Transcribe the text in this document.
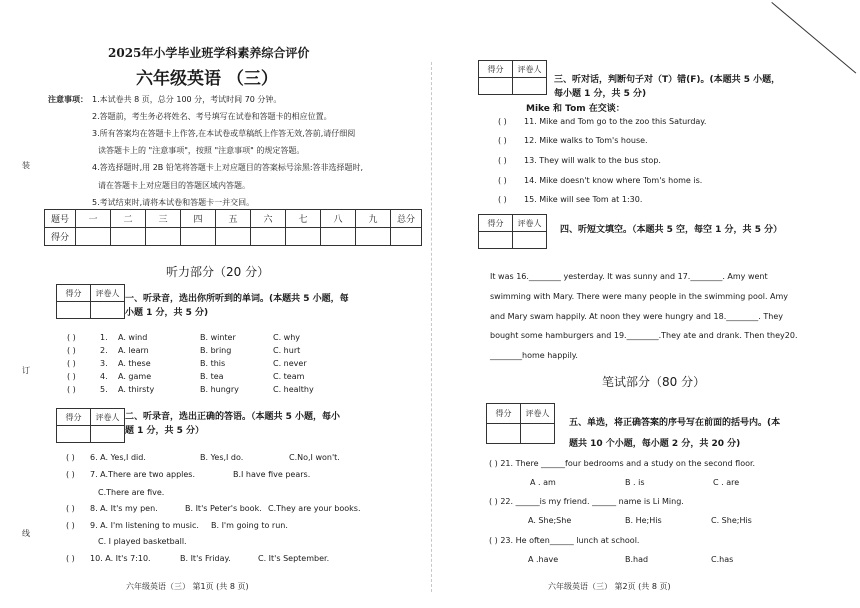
装
订
线
2025年小学毕业班学科素养综合评价
六年级英语 （三）
注意事项： 1.本试卷共 8 页，总分 100 分，考试时间 70 分钟。
2.答题前，考生务必将姓名、考号填写在试卷和答题卡的相应位置。
3.所有答案均在答题卡上作答,在本试卷或草稿纸上作答无效,答前,请仔细阅
读答题卡上的 "注意事项"，按照 "注意事项" 的规定答题。
4.答选择题时,用 2B 铅笔将答题卡上对应题目的答案标号涂黑:答非选择题时,
请在答题卡上对应题目的答题区域内答题。
5.考试结束时,请将本试卷和答题卡一并交回。
题号	一	二	三	四	五	六	七	八	九	总分
得分										
听力部分（20 分）
得分	评卷人

一、听录音，选出你所听到的单词。(本题共 5 小题，每
小题 1 分，共 5 分)
( )	1. A. wind	B. winter	C. why
( )	2. A. learn	B. bring	C. hurt
( )	3. A. these	B. this	C. never
( )	4. A. game	B. tea	C. team
( )	5. A. thirsty	B. hungry	C. healthy
得分	评卷人
	二、听录音，选出正确的答语。（本题共 5 小题，每小
题 1 分，共 5 分）
( ) 6. A. Yes,I did.	B. Yes,I do.	C.No,I won't.
( ) 7. A.There are two apples.	B.I have five pears.
C.There are five.
( ) 8. A. It's my pen.	B. It's Peter's book. C.They are your books.
( ) 9. A. I'm listening to music. B. I'm going to run.
C. I played basketball.
( ) 10. A. It's 7:10.	B. It's Friday.	C. It's September.
六年级英语（三） 第1页 (共 8 页)
得分	评卷人

三、听对话，判断句子对（T）错(F)。(本题共 5 小题，
每小题 1 分，共 5 分)
Mike 和 Tom 在交谈：
( ) 11. Mike and Tom go to the zoo this Saturday.
( ) 12. Mike walks to Tom's house.
( ) 13. They will walk to the bus stop.
( ) 14. Mike doesn't know where Tom's home is.
( ) 15. Mike will see Tom at 1:30.
得分	评卷人

四、听短文填空。（本题共 5 空，每空 1 分，共 5 分）
It was 16.________ yesterday. It was sunny and 17.________. Amy went
swimming with Mary. There were many people in the swimming pool. Amy
and Mary swam happily. At noon they were hungry and 18.________. They
bought some hamburgers and 19.________.They ate and drank. Then they20.
________home happily.
笔试部分（80 分）
得分	评卷人

五、单选，将正确答案的序号写在前面的括号内。(本
题共 10 个小题，每小题 2 分，共 20 分)
( ) 21. There ______four bedrooms and a study on the second floor.
A . am	B . is	C . are
( ) 22. ______is my friend. ______ name is Li Ming.
A. She;She	B. He;His	C. She;His
( ) 23. He often______ lunch at school.
A .have	B.had	C.has
六年级英语（三） 第2页 (共 8 页)
